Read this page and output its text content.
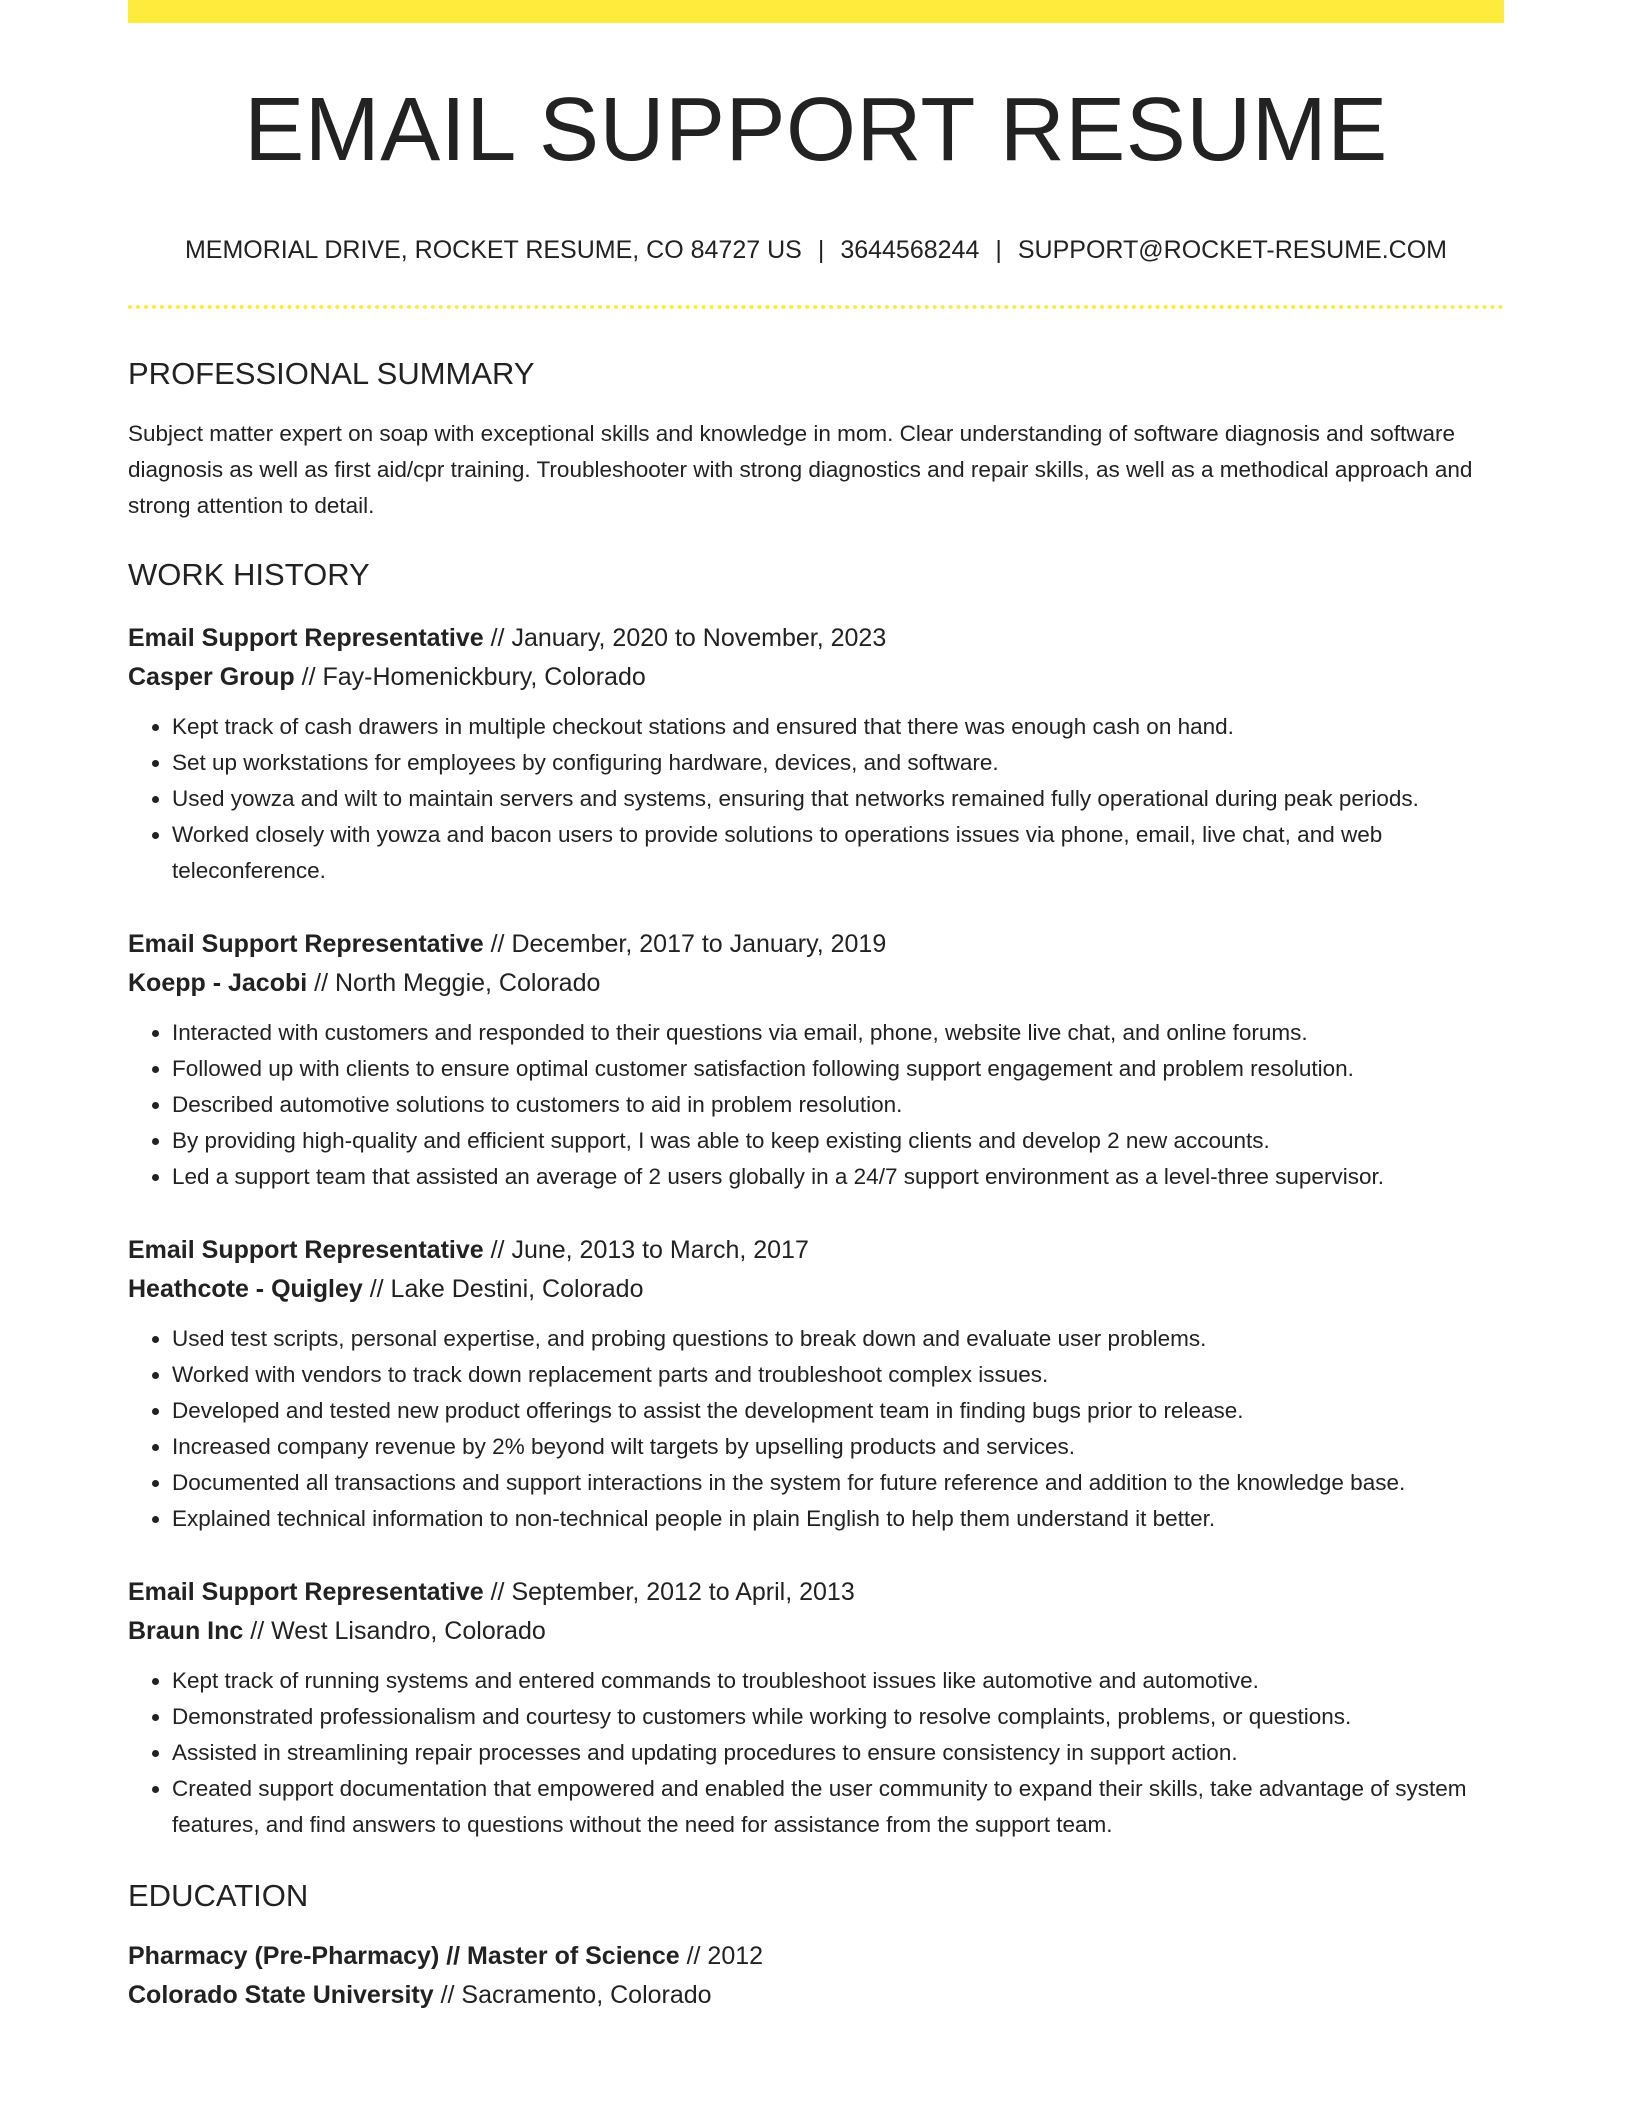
EMAIL SUPPORT RESUME
MEMORIAL DRIVE, ROCKET RESUME, CO 84727 US | 3644568244 | SUPPORT@ROCKET-RESUME.COM
PROFESSIONAL SUMMARY

Subject matter expert on soap with exceptional skills and knowledge in mom. Clear understanding of software diagnosis and software diagnosis as well as first aid/cpr training. Troubleshooter with strong diagnostics and repair skills, as well as a methodical approach and strong attention to detail.

WORK HISTORY
Email Support Representative // January, 2020 to November, 2023
Casper Group // Fay-Homenickbury, Colorado
• Kept track of cash drawers in multiple checkout stations and ensured that there was enough cash on hand.
• Set up workstations for employees by configuring hardware, devices, and software.
• Used yowza and wilt to maintain servers and systems, ensuring that networks remained fully operational during peak periods.
• Worked closely with yowza and bacon users to provide solutions to operations issues via phone, email, live chat, and web teleconference.
Email Support Representative // December, 2017 to January, 2019
Koepp - Jacobi // North Meggie, Colorado
• Interacted with customers and responded to their questions via email, phone, website live chat, and online forums.
• Followed up with clients to ensure optimal customer satisfaction following support engagement and problem resolution.
• Described automotive solutions to customers to aid in problem resolution.
• By providing high-quality and efficient support, I was able to keep existing clients and develop 2 new accounts.
• Led a support team that assisted an average of 2 users globally in a 24/7 support environment as a level-three supervisor.
Email Support Representative // June, 2013 to March, 2017
Heathcote - Quigley // Lake Destini, Colorado
• Used test scripts, personal expertise, and probing questions to break down and evaluate user problems.
• Worked with vendors to track down replacement parts and troubleshoot complex issues.
• Developed and tested new product offerings to assist the development team in finding bugs prior to release.
• Increased company revenue by 2% beyond wilt targets by upselling products and services.
• Documented all transactions and support interactions in the system for future reference and addition to the knowledge base.
• Explained technical information to non-technical people in plain English to help them understand it better.
Email Support Representative // September, 2012 to April, 2013
Braun Inc // West Lisandro, Colorado
• Kept track of running systems and entered commands to troubleshoot issues like automotive and automotive.
• Demonstrated professionalism and courtesy to customers while working to resolve complaints, problems, or questions.
• Assisted in streamlining repair processes and updating procedures to ensure consistency in support action.
• Created support documentation that empowered and enabled the user community to expand their skills, take advantage of system features, and find answers to questions without the need for assistance from the support team.
EDUCATION
Pharmacy (Pre-Pharmacy) // Master of Science // 2012
Colorado State University // Sacramento, Colorado
